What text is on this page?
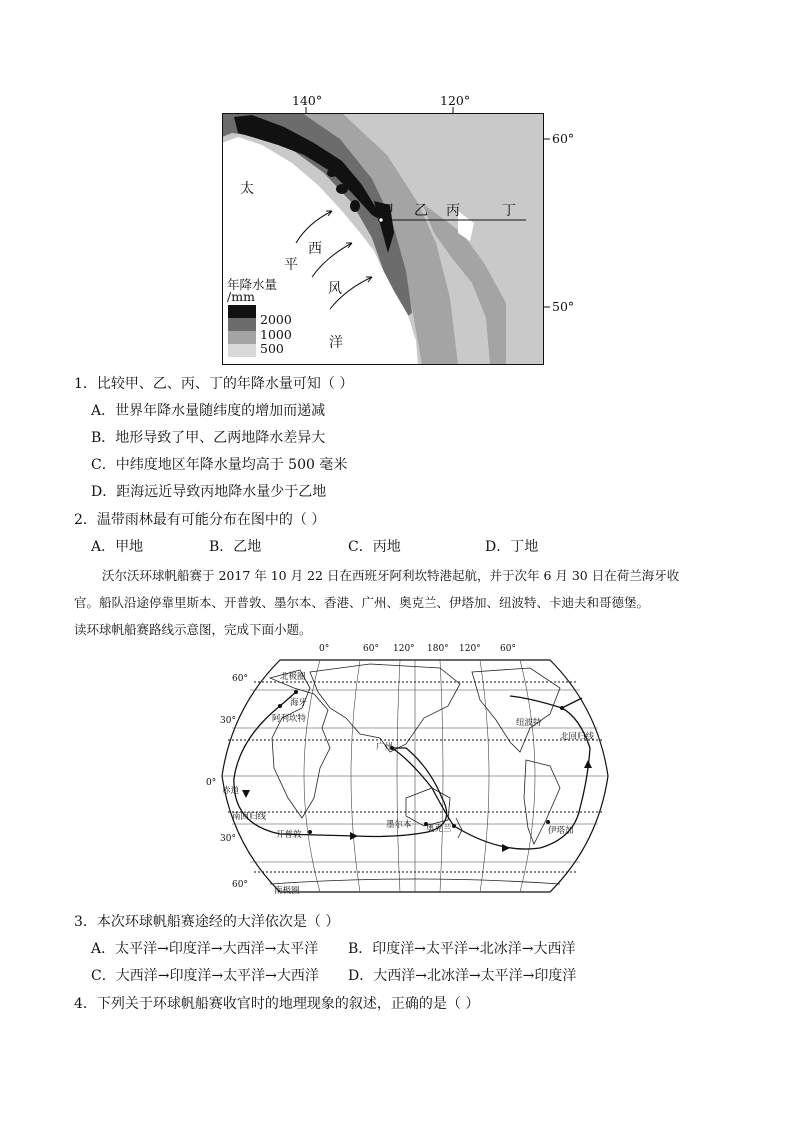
140°	120°
60°
50°
甲 乙 丙	丁
太
平
洋
西
风
年降水量
/mm
2000
1000
500
1．比较甲、乙、丙、丁的年降水量可知（ ）
A．世界年降水量随纬度的增加而递减
B．地形导致了甲、乙两地降水差异大
C．中纬度地区年降水量均高于 500 毫米
D．距海远近导致丙地降水量少于乙地
2．温带雨林最有可能分布在图中的（ ）
A．甲地	B．乙地	C．丙地	D．丁地
沃尔沃环球帆船赛于 2017 年 10 月 22 日在西班牙阿利坎特港起航，并于次年 6 月 30 日在荷兰海牙收
官。船队沿途停靠里斯本、开普敦、墨尔本、香港、广州、奥克兰、伊塔加、纽波特、卡迪夫和哥德堡。
读环球帆船赛路线示意图，完成下面小题。
0°	60° 120° 180° 120° 60°
60°
30°
0°
30°
60°
北极圈
海牙
阿利坎特
广州
纽波特
北回归线
赤道
南回归线
开普敦
墨尔本 奥克兰	伊塔加
南极圈
3．本次环球帆船赛途经的大洋依次是（ ）
A．太平洋→印度洋→大西洋→太平洋 B．印度洋→太平洋→北冰洋→大西洋
C．大西洋→印度洋→太平洋→大西洋 D．大西洋→北冰洋→太平洋→印度洋
4．下列关于环球帆船赛收官时的地理现象的叙述，正确的是（ ）
